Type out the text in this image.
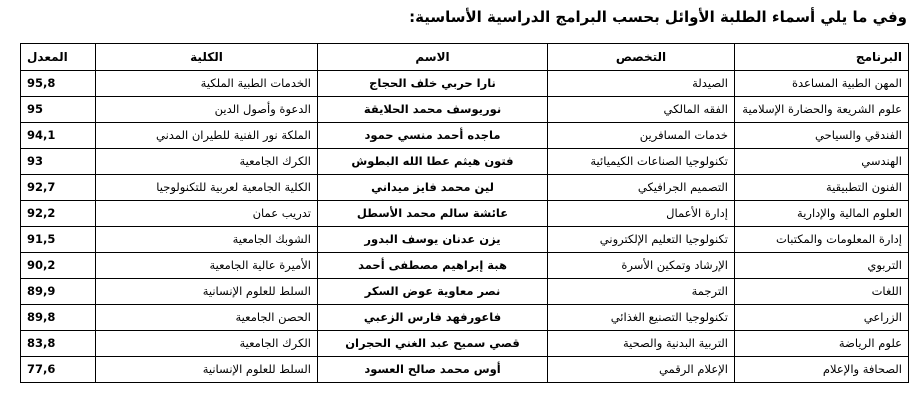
وفي ما يلي أسماء الطلبة الأوائل بحسب البرامج الدراسية الأساسية:
البرنامج	التخصص	الاسم	الكلية	المعدل
المهن الطبية المساعدة	الصيدلة	نارا حربي خلف الحجاج	الخدمات الطبية الملكية	95,8
علوم الشريعة والحضارة الإسلامية	الفقه المالكي	نوريوسف محمد الحلايقة	الدعوة وأصول الدين	95
الفندقي والسياحي	خدمات المسافرين	ماجده أحمد منسي حمود	الملكة نور الفنية للطيران المدني	94,1
الهندسي	تكنولوجيا الصناعات الكيميائية	فتون هيثم عطا الله البطوش	الكرك الجامعية	93
الفنون التطبيقية	التصميم الجرافيكي	لين محمد فايز ميداني	الكلية الجامعية لعربية للتكنولوجيا	92,7
العلوم المالية والإدارية	إدارة الأعمال	عائشة سالم محمد الأسطل	تدريب عمان	92,2
إدارة المعلومات والمكتبات	تكنولوجيا التعليم الإلكتروني	يزن عدنان يوسف البدور	الشوبك الجامعية	91,5
التربوي	الإرشاد وتمكين الأسرة	هبة إبراهيم مصطفى أحمد	الأميرة عالية الجامعية	90,2
اللغات	الترجمة	نصر معاوية عوض السكر	السلط للعلوم الإنسانية	89,9
الزراعي	تكنولوجيا التصنيع الغذائي	فاعورفهد فارس الزعبي	الحصن الجامعية	89,8
علوم الرياضة	التربية البدنية والصحية	قصي سميح عبد الغني الحجران	الكرك الجامعية	83,8
الصحافة والإعلام	الإعلام الرقمي	أوس محمد صالح العسود	السلط للعلوم الإنسانية	77,6
